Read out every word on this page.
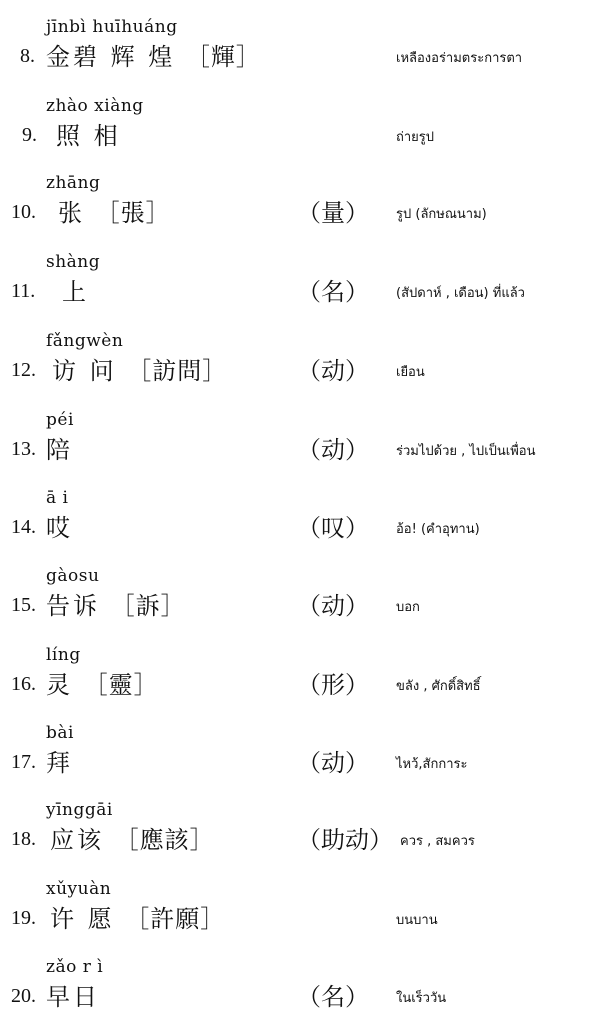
jīnbì huīhuáng
8. 金碧 辉 煌 ［輝］	เหลืองอร่ามตระการตา
zhào xiàng
9. 照 相	ถ่ายรูป
zhāng
10. 张 ［張］	（量） รูป (ลักษณนาม)
shàng
11. 上	（名） (สัปดาห์ , เดือน) ที่แล้ว
fǎngwèn
12. 访 问 ［訪問］	（动） เยือน
péi
13. 陪	（动） ร่วมไปด้วย , ไปเป็นเพื่อน
ā i
14. 哎	（叹） อ้อ! (คำอุทาน)
gàosu
15. 告诉 ［訴］	（动） บอก
líng
16. 灵 ［靈］	（形） ขลัง , ศักดิ์สิทธิ์
bài
17. 拜	（动） ไหว้,สักการะ
yīnggāi
18. 应该 ［應該］	（助动） ควร , สมควร
xǔyuàn
19. 许 愿 ［許願］	บนบาน
zǎo r ì
20. 早日	（名） ในเร็ววัน
